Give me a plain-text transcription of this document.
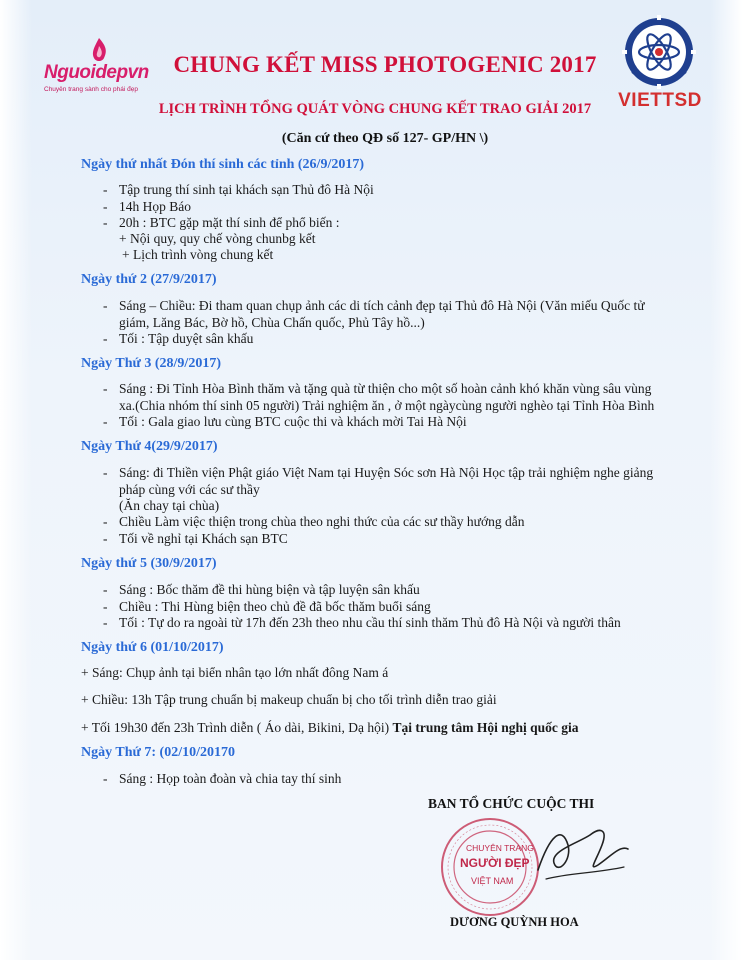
Nguoidepvn
Chuyên trang sành cho phái đẹp
VIETTSD
CHUNG KẾT MISS PHOTOGENIC 2017
LỊCH TRÌNH TỔNG QUÁT VÒNG CHUNG KẾT TRAO GIẢI 2017
(Căn cứ theo QĐ số 127- GP/HN \)
Ngày thứ nhất Đón thí sinh các tỉnh (26/9/2017)
- Tập trung thí sinh tại khách sạn Thủ đô Hà Nội
- 14h Họp Báo
- 20h : BTC gặp mặt thí sinh để phổ biến :
+ Nội quy, quy chế vòng chunbg kết
+ Lịch trình vòng chung kết
Ngày thứ 2 (27/9/2017)
- Sáng – Chiều: Đi tham quan chụp ảnh các di tích cảnh đẹp tại Thủ đô Hà Nội (Văn miếu Quốc tử
giám, Lăng Bác, Bờ hồ, Chùa Chấn quốc, Phủ Tây hồ...)
- Tối : Tập duyệt sân khấu
Ngày Thứ 3 (28/9/2017)
- Sáng : Đi Tỉnh Hòa Bình thăm và tặng quà từ thiện cho một số hoàn cảnh khó khăn vùng sâu vùng
xa.(Chia nhóm thí sinh 05 người) Trải nghiệm ăn , ở một ngàycùng người nghèo tại Tỉnh Hòa Bình
- Tối : Gala giao lưu cùng BTC cuộc thi và khách mời Tai Hà Nội
Ngày Thứ 4(29/9/2017)
- Sáng: đi Thiền viện Phật giáo Việt Nam tại Huyện Sóc sơn Hà Nội Học tập trải nghiệm nghe giảng
pháp cùng với các sư thầy
(Ăn chay tại chùa)
- Chiều Làm việc thiện trong chùa theo nghi thức của các sư thầy hướng dẫn
- Tối về nghỉ tại Khách sạn BTC
Ngày thứ 5 (30/9/2017)
- Sáng : Bốc thăm đề thi hùng biện và tập luyện sân khấu
- Chiều : Thi Hùng biện theo chủ đề đã bốc thăm buổi sáng
- Tối : Tự do ra ngoài từ 17h đến 23h theo nhu cầu thí sinh thăm Thủ đô Hà Nội và người thân
Ngày thứ 6 (01/10/2017)
+ Sáng: Chụp ảnh tại biển nhân tạo lớn nhất đông Nam á
+ Chiều: 13h Tập trung chuẩn bị makeup chuẩn bị cho tối trình diễn trao giải
+ Tối 19h30 đến 23h Trình diễn ( Áo dài, Bikini, Dạ hội) Tại trung tâm Hội nghị quốc gia
Ngày Thứ 7: (02/10/20170
- Sáng : Họp toàn đoàn và chia tay thí sinh
BAN TỔ CHỨC CUỘC THI
CHUYÊN TRANG
NGƯỜI ĐẸP
VIỆT NAM
DƯƠNG QUỲNH HOA
